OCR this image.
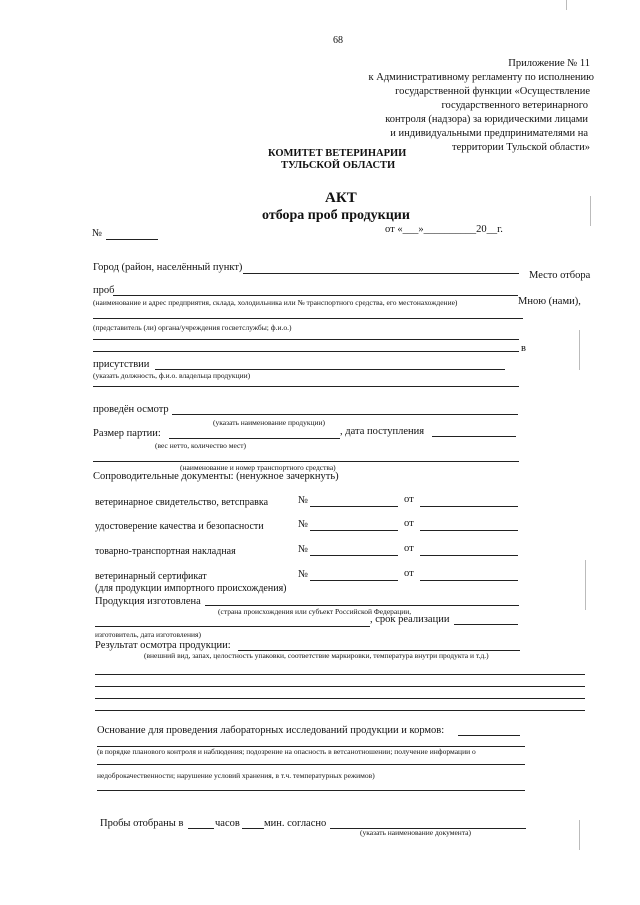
68
Приложение № 11
к Административному регламенту по исполнению
государственной функции «Осуществление
государственного ветеринарного
контроля (надзора) за юридическими лицами
и индивидуальными предпринимателями на
территории Тульской области»
КОМИТЕТ ВЕТЕРИНАРИИ
ТУЛЬСКОЙ ОБЛАСТИ
АКТ
отбора проб продукции
№	от «___»__________20__г.
Город (район, населённый пункт)
Место отбора
проб
(наименование и адрес предприятия, склада, холодильника или № транспортного средства, его местонахождение)	Мною (нами),
(представитель (ли) органа/учреждения госветслужбы; ф.и.о.)
в
присутствии
(указать должность, ф.и.о. владельца продукции)
проведён осмотр
(указать наименование продукции)
Размер партии:
(вес нетто, количество мест)
, дата поступления
(наименование и номер транспортного средства)
Сопроводительные документы: (ненужное зачеркнуть)
ветеринарное свидетельство, ветсправка	№	от
удостоверение качества и безопасности	№	от
товарно-транспортная накладная	№	от
ветеринарный сертификат	№	от
(для продукции импортного происхождения)
Продукция изготовлена
(страна происхождения или субъект Российской Федерации,
, срок реализации
изготовитель, дата изготовления)
Результат осмотра продукции:
(внешний вид, запах, целостность упаковки, соответствие маркировки, температура внутри продукта и т.д.)
Основание для проведения лабораторных исследований продукции и кормов:
(в порядке планового контроля и наблюдения; подозрение на опасность в ветсанотношении; получение информации о
недоброкачественности; нарушение условий хранения, в т.ч. температурных режимов)
Пробы отобраны в	часов мин. согласно
(указать наименование документа)
